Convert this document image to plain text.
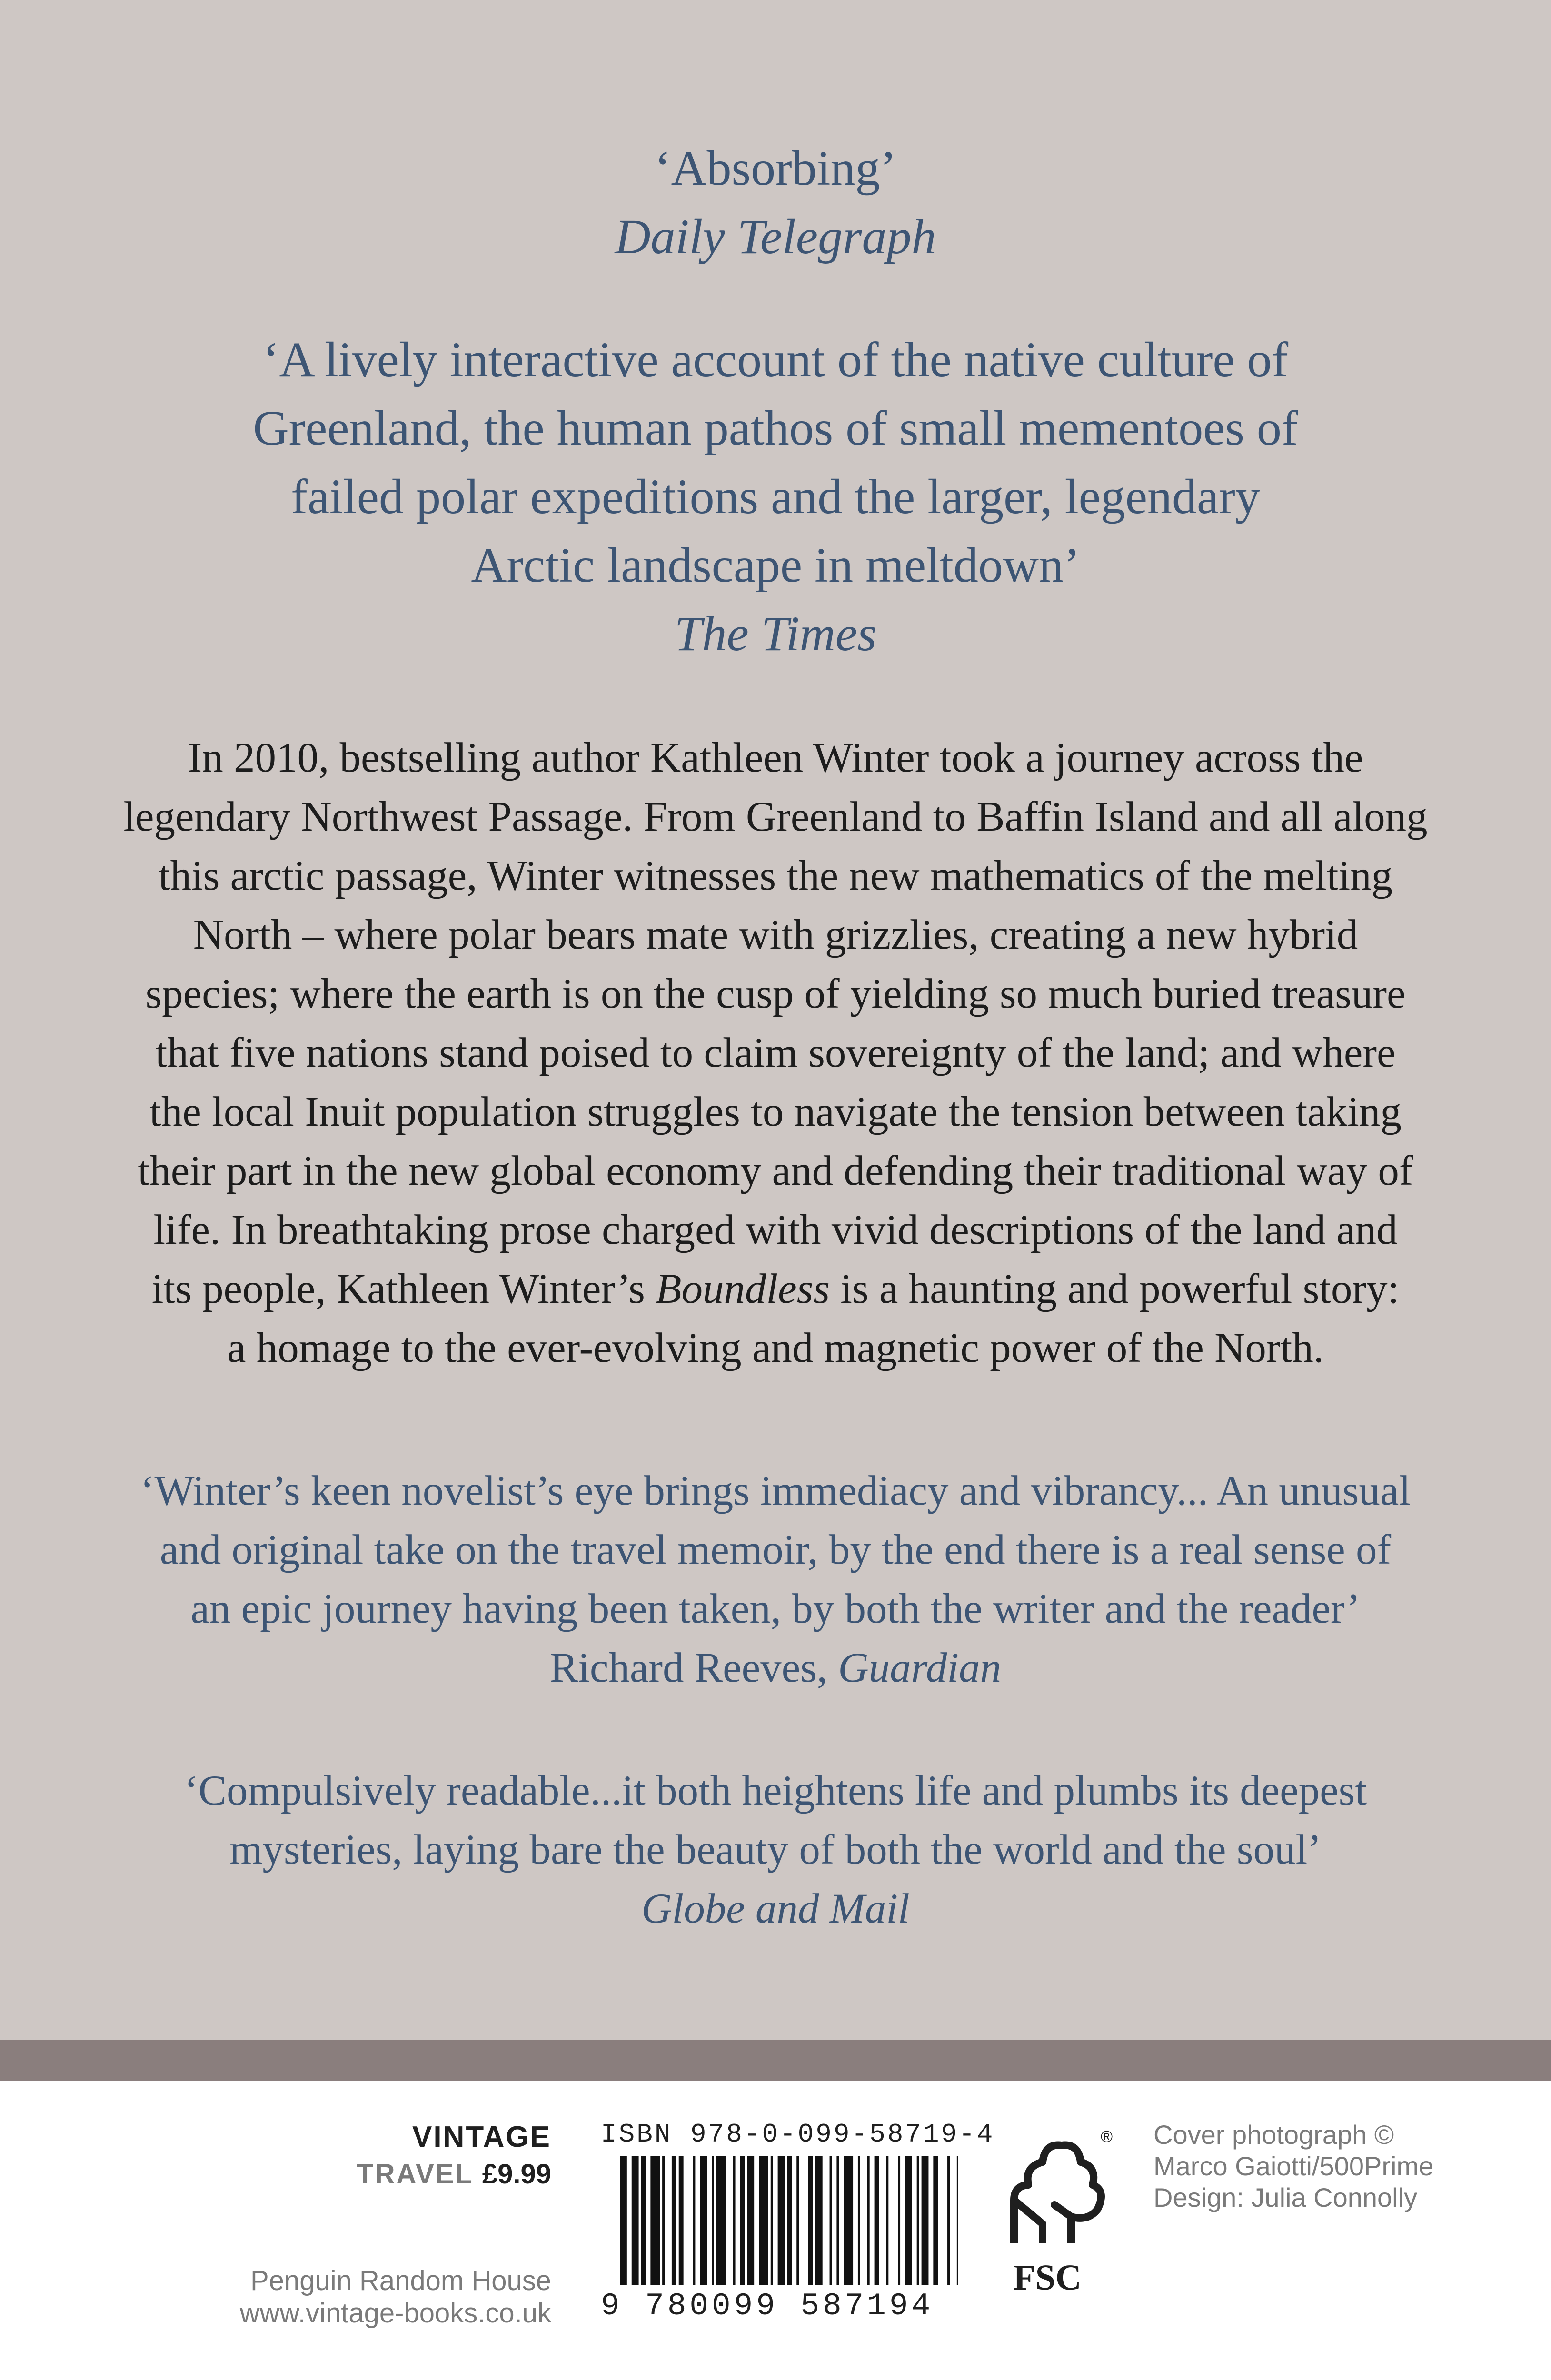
‘Absorbing’

Daily Telegraph

‘A lively interactive account of the native culture of

Greenland, the human pathos of small mementoes of

failed polar expeditions and the larger, legendary

Arctic landscape in meltdown’

The Times

In 2010, bestselling author Kathleen Winter took a journey across the

legendary Northwest Passage. From Greenland to Baffin Island and all along

this arctic passage, Winter witnesses the new mathematics of the melting

North – where polar bears mate with grizzlies, creating a new hybrid

species; where the earth is on the cusp of yielding so much buried treasure

that five nations stand poised to claim sovereignty of the land; and where

the local Inuit population struggles to navigate the tension between taking

their part in the new global economy and defending their traditional way of

life. In breathtaking prose charged with vivid descriptions of the land and

its people, Kathleen Winter’s Boundless is a haunting and powerful story:

a homage to the ever-evolving and magnetic power of the North.

‘Winter’s keen novelist’s eye brings immediacy and vibrancy... An unusual

and original take on the travel memoir, by the end there is a real sense of

an epic journey having been taken, by both the writer and the reader’

Richard Reeves, Guardian

‘Compulsively readable...it both heightens life and plumbs its deepest

mysteries, laying bare the beauty of both the world and the soul’

Globe and Mail

VINTAGE
TRAVEL £9.99
Penguin Random House
www.vintage-books.co.uk
ISBN 978-0-099-58719-4
9 780099 587194
®
FSC
Cover photograph ©
Marco Gaiotti/500Prime
Design: Julia Connolly
